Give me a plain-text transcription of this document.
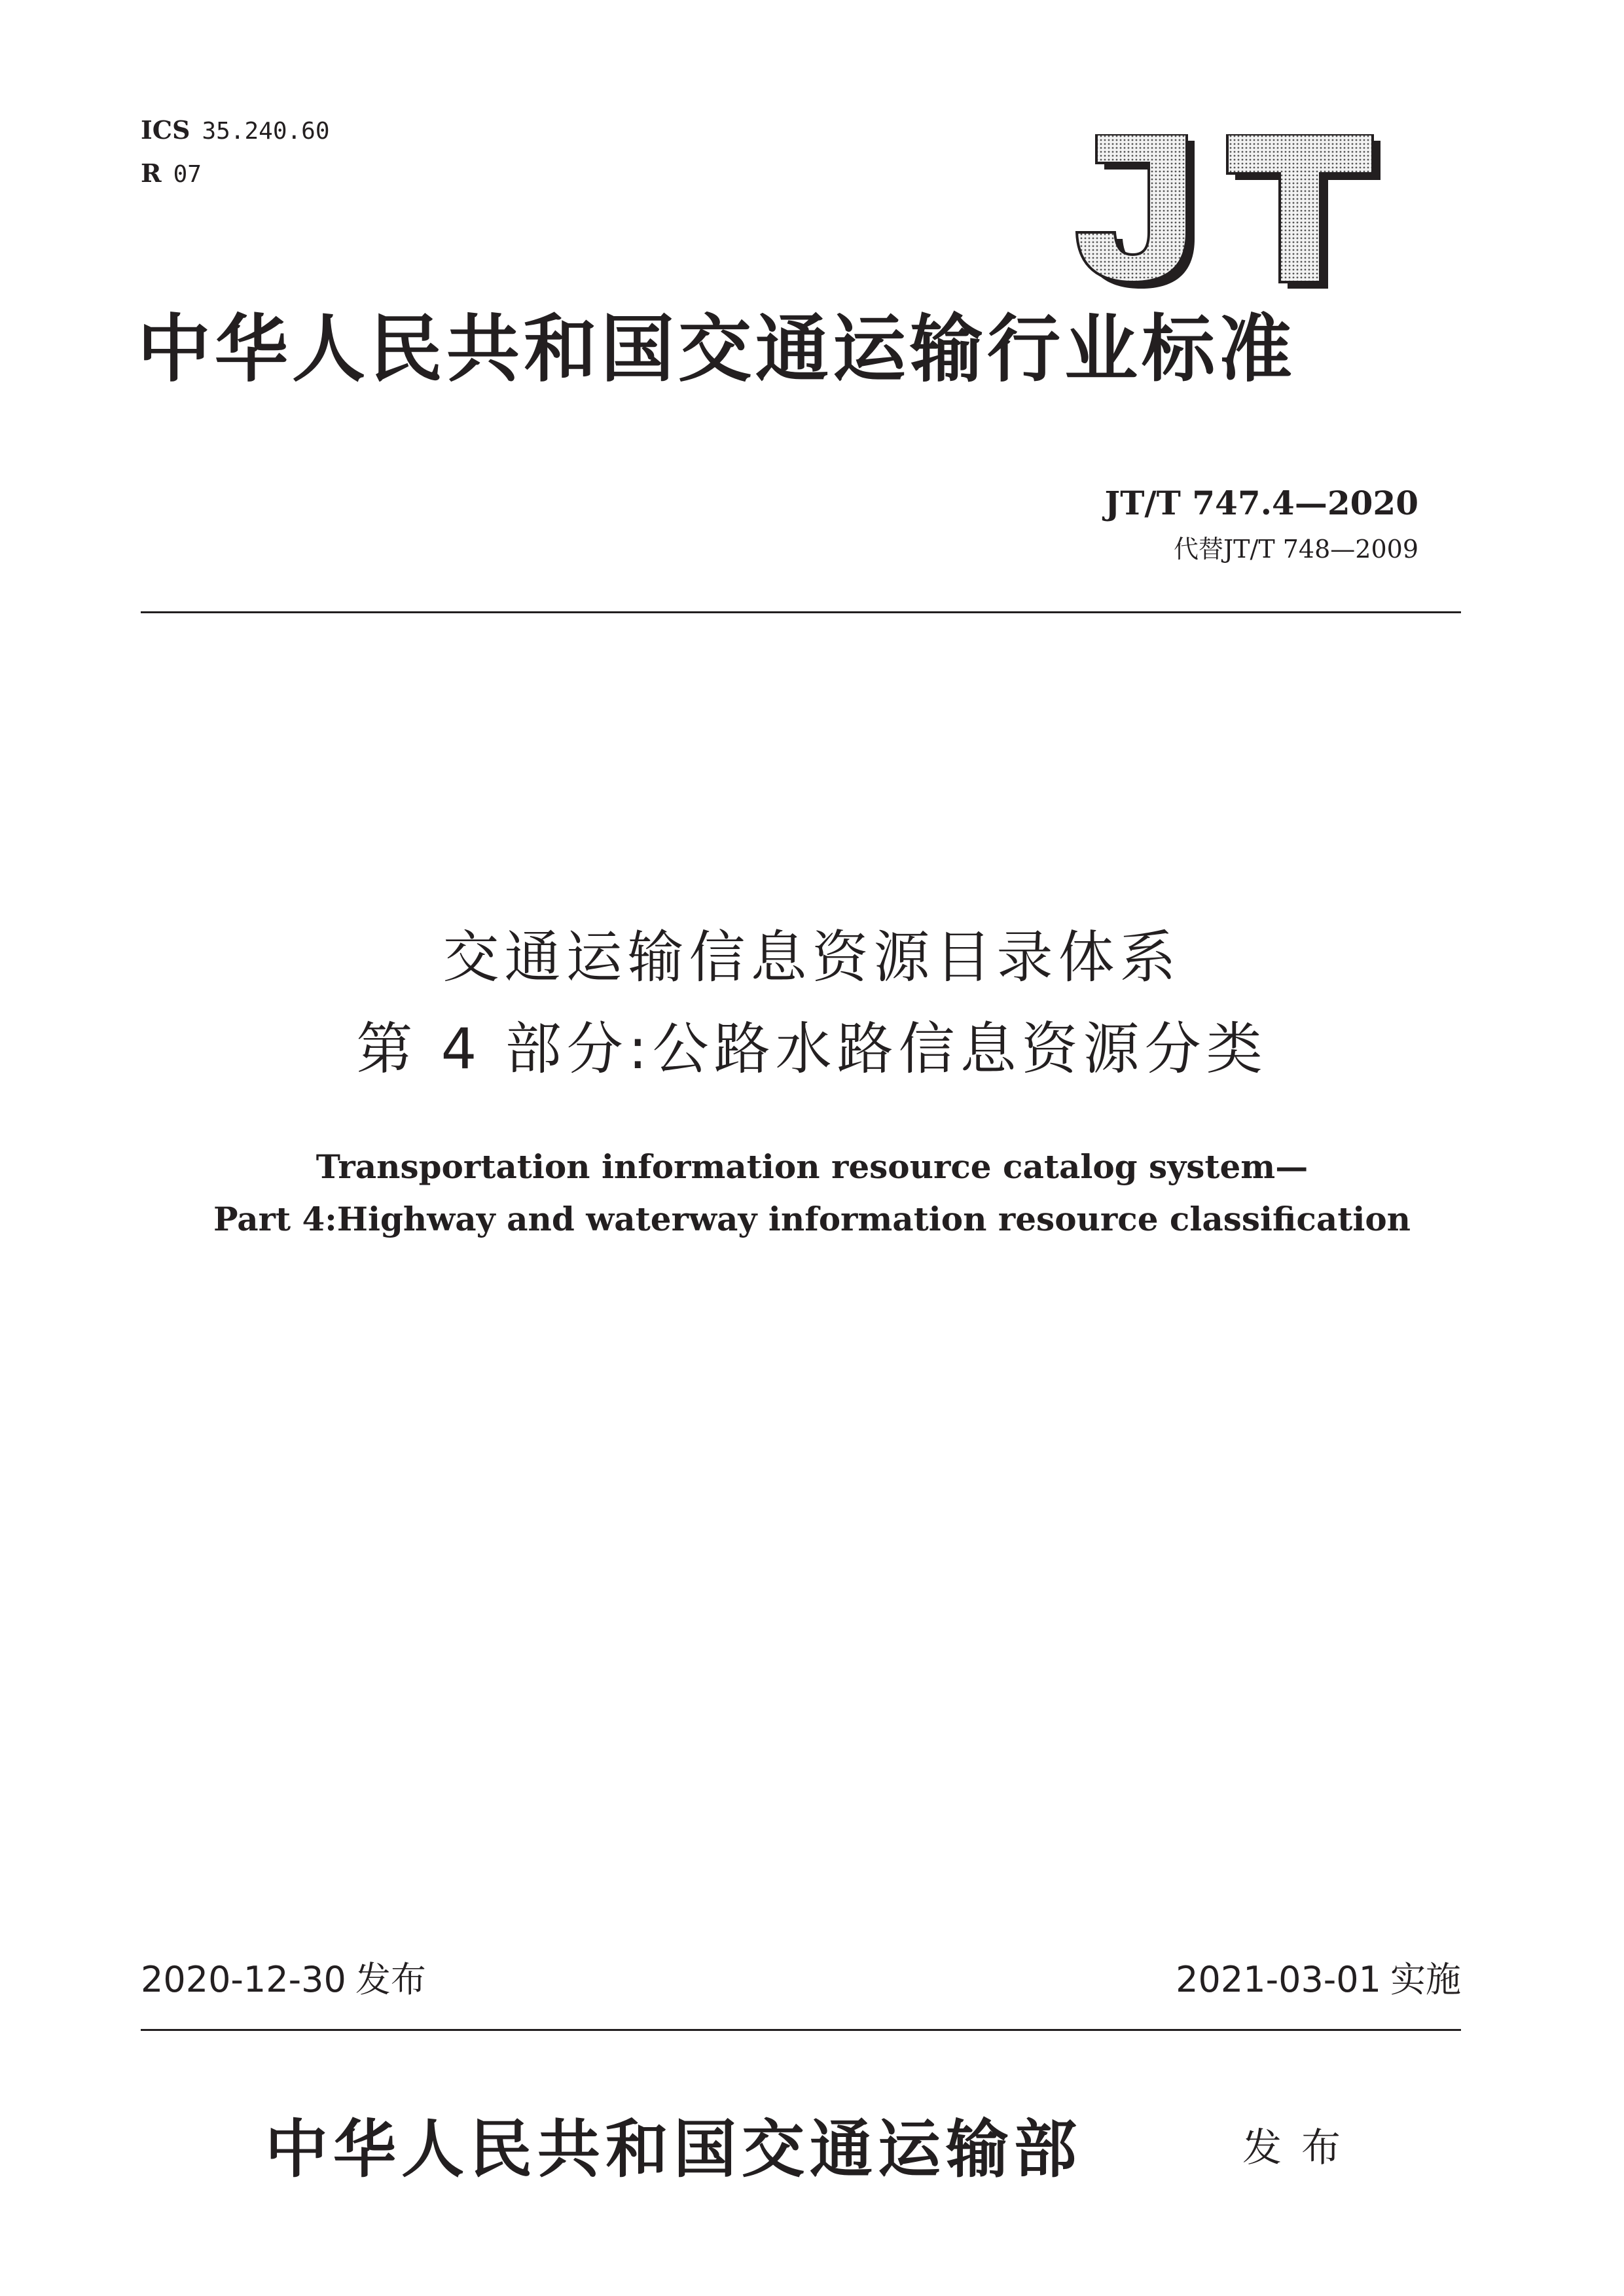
ICS 35.240.60
R 07
中华人民共和国交通运输行业标准
JT/T 747.4—2020
代替JT/T 748—2009
交通运输信息资源目录体系
第 4 部分:公路水路信息资源分类
Transportation information resource catalog system—
Part 4:Highway and waterway information resource classification
2020-12-30 发布	2021-03-01 实施
中华人民共和国交通运输部	发布
